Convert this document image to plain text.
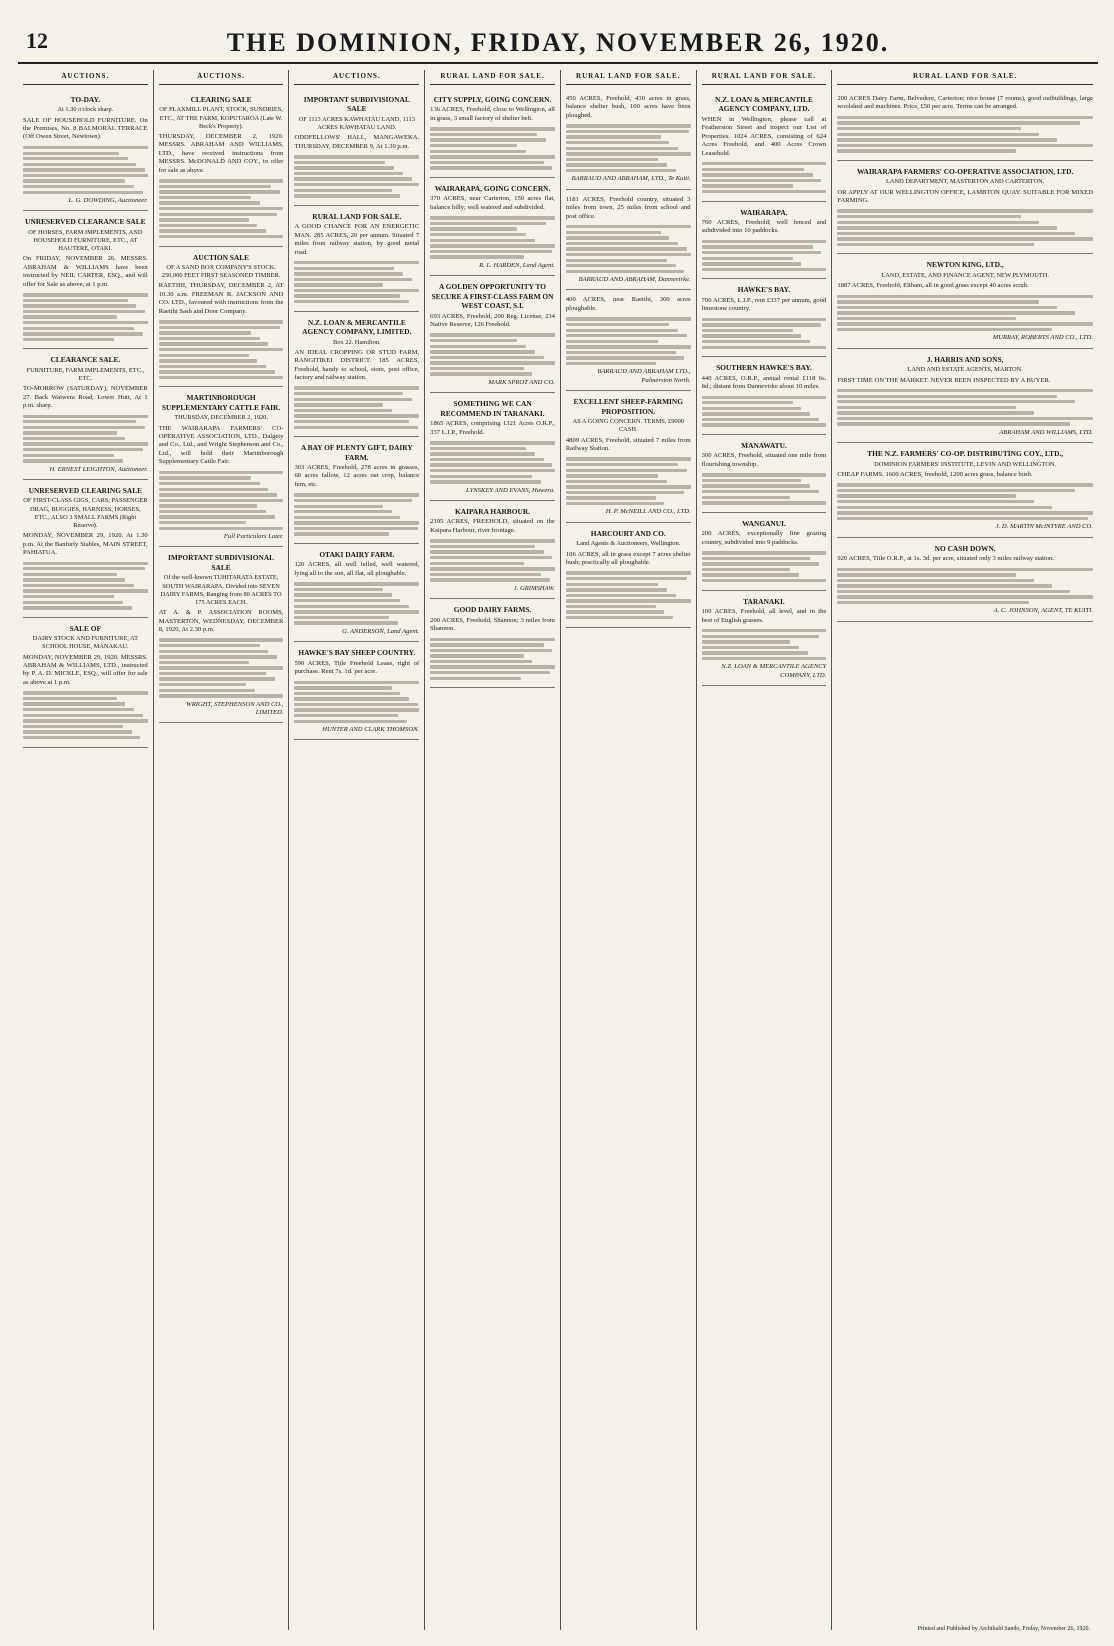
12	THE DOMINION, FRIDAY, NOVEMBER 26, 1920.
AUCTIONS.
TO-DAY.
At 1.30 o'clock sharp.

SALE OF HOUSEHOLD FURNITURE. On the Premises, No. 8 BALMORAL TERRACE (Off Owen Street, Newtown).

L. G. DOWDING, Auctioneer.
UNRESERVED CLEARANCE SALE
OF HORSES, FARM IMPLEMENTS, AND HOUSEHOLD FURNITURE, ETC., AT HAUTERE, OTAKI.

On FRIDAY, NOVEMBER 26. MESSRS. ABRAHAM & WILLIAMS have been instructed by NEIL CARTER, ESQ., and will offer for Sale as above, at 1 p.m.

CLEARANCE SALE.
FURNITURE, FARM IMPLEMENTS, ETC., ETC.

TO-MORROW (SATURDAY), NOVEMBER 27. Back Waiwera Road, Lower Hutt, At 1 p.m. sharp.

H. ERNEST LEIGHTON, Auctioneer.
UNRESERVED CLEARING SALE
OF FIRST-CLASS GIGS, CARS, PASSENGER DRAG, BUGGIES, HARNESS, HORSES, ETC., ALSO 3 SMALL FARMS (Right Reserve).

MONDAY, NOVEMBER 29, 1920. At 1.30 p.m. At the Banfurly Stables, MAIN STREET, PAHIATUA.

SALE OF
DAIRY STOCK AND FURNITURE, AT SCHOOL HOUSE, MANAKAU.

MONDAY, NOVEMBER 29, 1920. MESSRS. ABRAHAM & WILLIAMS, LTD., instructed by P. A. D. MICKLE, ESQ., will offer for sale as above at 1 p.m.

AUCTIONS.
CLEARING SALE
OF FLAXMILL PLANT, STOCK, SUNDRIES, ETC., AT THE FARM, KOPUTAROA (Late W. Beck's Property).

THURSDAY, DECEMBER 2, 1920. MESSRS. ABRAHAM AND WILLIAMS, LTD., have received instructions from MESSRS. McDONALD AND COY., to offer for sale as above.

AUCTION SALE
OF A SAND BOX COMPANY'S STOCK. 250,000 FEET FIRST SEASONED TIMBER.

RAETIHI, THURSDAY, DECEMBER 2, AT 10.30 a.m. FREEMAN R. JACKSON AND CO. LTD., favoured with instructions from the Raetihi Sash and Door Company.

MARTINBOROUGH SUPPLEMENTARY CATTLE FAIR.
THURSDAY, DECEMBER 2, 1920.

THE WAIRARAPA FARMERS' CO-OPERATIVE ASSOCIATION, LTD., Dalgety and Co., Ltd., and Wright Stephenson and Co., Ltd., will hold their Martinborough Supplementary Cattle Fair.

Full Particulars Later.
IMPORTANT SUBDIVISIONAL SALE
Of the well-known TUHITARATA ESTATE, SOUTH WAIRARAPA. Divided into SEVEN DAIRY FARMS, Ranging from 80 ACRES TO 175 ACRES EACH.

AT A. & P. ASSOCIATION ROOMS, MASTERTON, WEDNESDAY, DECEMBER 8, 1920, At 2.30 p.m.

WRIGHT, STEPHENSON AND CO., LIMITED.
AUCTIONS.
IMPORTANT SUBDIVISIONAL SALE
OF 1113 ACRES KAWHATAU LAND, 1113 ACRES KAWHATAU LAND.

ODDFELLOWS' HALL, MANGAWEKA. THURSDAY, DECEMBER 9, At 1.30 p.m.

RURAL LAND FOR SALE.

A GOOD CHANCE FOR AN ENERGETIC MAN. 285 ACRES, 20 per annum. Situated 7 miles from railway station, by good metal road.

N.Z. LOAN & MERCANTILE AGENCY COMPANY, LIMITED.
Box 22. Hamilton.

AN IDEAL CROPPING OR STUD FARM, RANGITIKEI DISTRICT. 185 ACRES, Freehold, handy to school, store, post office, factory and railway station.

A BAY OF PLENTY GIFT, DAIRY FARM.

303 ACRES, Freehold, 278 acres in grasses, 60 acres fallow, 12 acres oat crop, balance fern, etc.

OTAKI DAIRY FARM.

120 ACRES, all well felled, well watered, lying all to the sun, all flat, all ploughable.

G. ANDERSON, Land Agent.
HAWKE'S BAY SHEEP COUNTRY.

590 ACRES, Title Freehold Lease, right of purchase. Rent 7s. 1d. per acre.

HUNTER AND CLARK THOMSON.
RURAL LAND FOR SALE.
CITY SUPPLY, GOING CONCERN.

136 ACRES, Freehold, close to Wellington, all in grass, 3 small factory of shelter belt.

WAIRARAPA, GOING CONCERN.

370 ACRES, near Carterton, 150 acres flat, balance hilly; well watered and subdivided.

R. L. HARDEN, Land Agent.
A GOLDEN OPPORTUNITY TO SECURE A FIRST-CLASS FARM ON WEST COAST, S.I.

693 ACRES, Freehold, 200 Reg. License, 234 Native Reserve, 126 Freehold.

MARK SPROT AND CO.
SOMETHING WE CAN RECOMMEND IN TARANAKI.

1865 ACRES, comprising 1321 Acres O.R.P., 337 L.I.P., Freehold.

LYNSKEY AND EVANS, Hawera.
KAIPARA HARBOUR.

2195 ACRES, FREEHOLD, situated on the Kaipara Harbour, river frontage.

J. GRIMSHAW.
GOOD DAIRY FARMS.

200 ACRES, Freehold, Shannon; 3 miles from Shannon.

RURAL LAND FOR SALE.

450 ACRES, Freehold, 430 acres in grass, balance shelter bush, 100 acres have been ploughed.

BARRAUD AND ABRAHAM, LTD., Te Kuiti.

1181 ACRES, Freehold country, situated 3 miles from town, 25 miles from school and post office.

BARRAUD AND ABRAHAM, Dannevirke.

400 ACRES, near Raetihi, 300 acres ploughable.

BARRAUD AND ABRAHAM LTD., Palmerston North.
EXCELLENT SHEEP-FARMING PROPOSITION.
AS A GOING CONCERN. TERMS, £9000 CASH.

4809 ACRES, Freehold, situated 7 miles from Railway Station.

H. P. McNEILL AND CO., LTD.
HARCOURT AND CO.
Land Agents & Auctioneers, Wellington.

106 ACRES, all in grass except 7 acres shelter bush; practically all ploughable.

RURAL LAND FOR SALE.
N.Z. LOAN & MERCANTILE AGENCY COMPANY, LTD.

WHEN in Wellington, please call at Featherston Street and inspect our List of Properties. 1024 ACRES, consisting of 624 Acres Freehold, and 400 Acres Crown Leasehold.

WAIRARAPA.

760 ACRES, Freehold; well fenced and subdivided into 10 paddocks.

HAWKE'S BAY.

700 ACRES, L.I.P., rent £337 per annum, good limestone country.

SOUTHERN HAWKE'S BAY.

440 ACRES, O.R.P., annual rental £118 6s. 8d.; distant from Dannevirke about 10 miles.

MANAWATU.

300 ACRES, Freehold, situated one mile from flourishing township.

WANGANUI.

200 ACRES, exceptionally fine grazing country, subdivided into 9 paddocks.

TARANAKI.

100 ACRES, Freehold, all level, and in the best of English grasses.

N.Z. LOAN & MERCANTILE AGENCY COMPANY, LTD.
RURAL LAND FOR SALE.

200 ACRES Dairy Farm, Belvedere, Carterton; nice house (7 rooms), good outbuildings, large woolshed and machines. Price, £50 per acre. Terms can be arranged.

WAIRARAPA FARMERS' CO-OPERATIVE ASSOCIATION, LTD.
LAND DEPARTMENT, MASTERTON AND CARTERTON.

OR APPLY AT OUR WELLINGTON OFFICE, LAMBTON QUAY. SUITABLE FOR MIXED FARMING.

NEWTON KING, LTD.,
LAND, ESTATE, AND FINANCE AGENT, NEW PLYMOUTH.

1887 ACRES, Freehold, Eltham, all in good grass except 40 acres scrub.

MURRAY, ROBERTS AND CO., LTD.
J. HARRIS AND SONS,
LAND AND ESTATE AGENTS, MARTON.

FIRST TIME ON THE MARKET. NEVER BEEN INSPECTED BY A BUYER.

ABRAHAM AND WILLIAMS, LTD.
THE N.Z. FARMERS' CO-OP. DISTRIBUTING COY., LTD.,
DOMINION FARMERS' INSTITUTE, LEVIN AND WELLINGTON.

CHEAP FARMS. 1600 ACRES, freehold, 1200 acres grass, balance bush.

J. D. MARTIN McINTYRE AND CO.
NO CASH DOWN.

920 ACRES, Title O.R.P., at 1s. 3d. per acre, situated only 3 miles railway station.

A. C. JOHNSON, AGENT, TE KUITI.
Printed and Published by Archibald Sando, Friday, November 26, 1920.
